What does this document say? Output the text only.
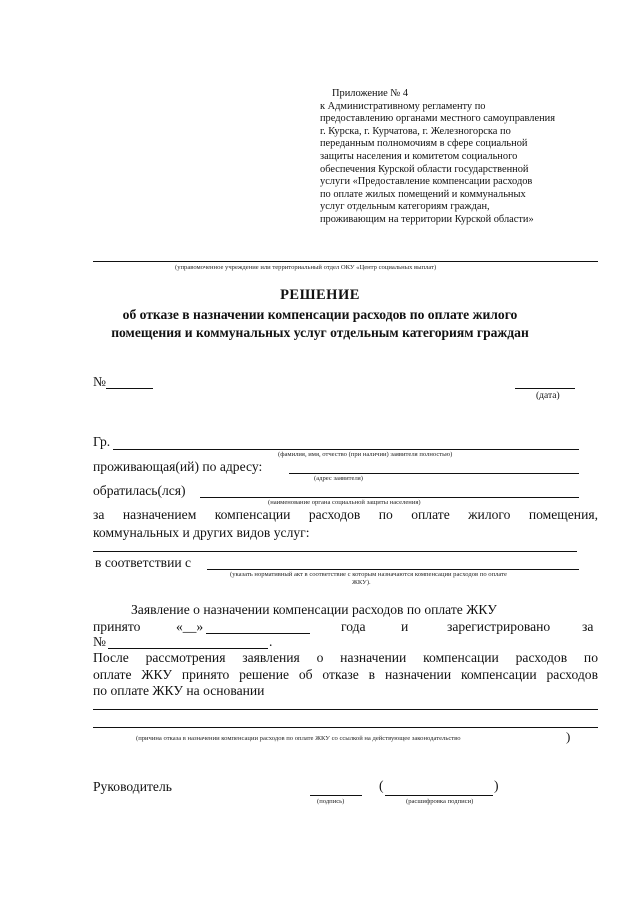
Приложение № 4
к Административному регламенту по
предоставлению органами местного самоуправления
г. Курска, г. Курчатова, г. Железногорска по
переданным полномочиям в сфере социальной
защиты населения и комитетом социального
обеспечения Курской области государственной
услуги «Предоставление компенсации расходов
по оплате жилых помещений и коммунальных
услуг отдельным категориям граждан,
проживающим на территории Курской области»
(управомоченное учреждение или территориальный отдел ОКУ «Центр социальных выплат)
РЕШЕНИЕ
об отказе в назначении компенсации расходов по оплате жилого
помещения и коммунальных услуг отдельным категориям граждан
№
(дата)
Гр.
(фамилия, имя, отчество (при наличии) заявителя полностью)
проживающая(ий) по адресу:
(адрес заявителя)
обратилась(лся)
(наименование органа социальной защиты населения)
за назначением компенсации расходов по оплате жилого помещения,
коммунальных и других видов услуг:
в соответствии с
(указать нормативный акт в соответствие с которым назначаются компенсации расходов по оплате
ЖКУ).
Заявление о назначении компенсации расходов по оплате ЖКУ
принято	«__»	года	и	зарегистрировано за
№	.
После рассмотрения заявления о назначении компенсации расходов по
оплате ЖКУ принято решение об отказе в назначении компенсации расходов
по оплате ЖКУ на основании
(причина отказа в назначении компенсации расходов по оплате ЖКУ со ссылкой на действующее законодательство	)
Руководитель	(	)
(подпись)	(расшифровка подписи)
